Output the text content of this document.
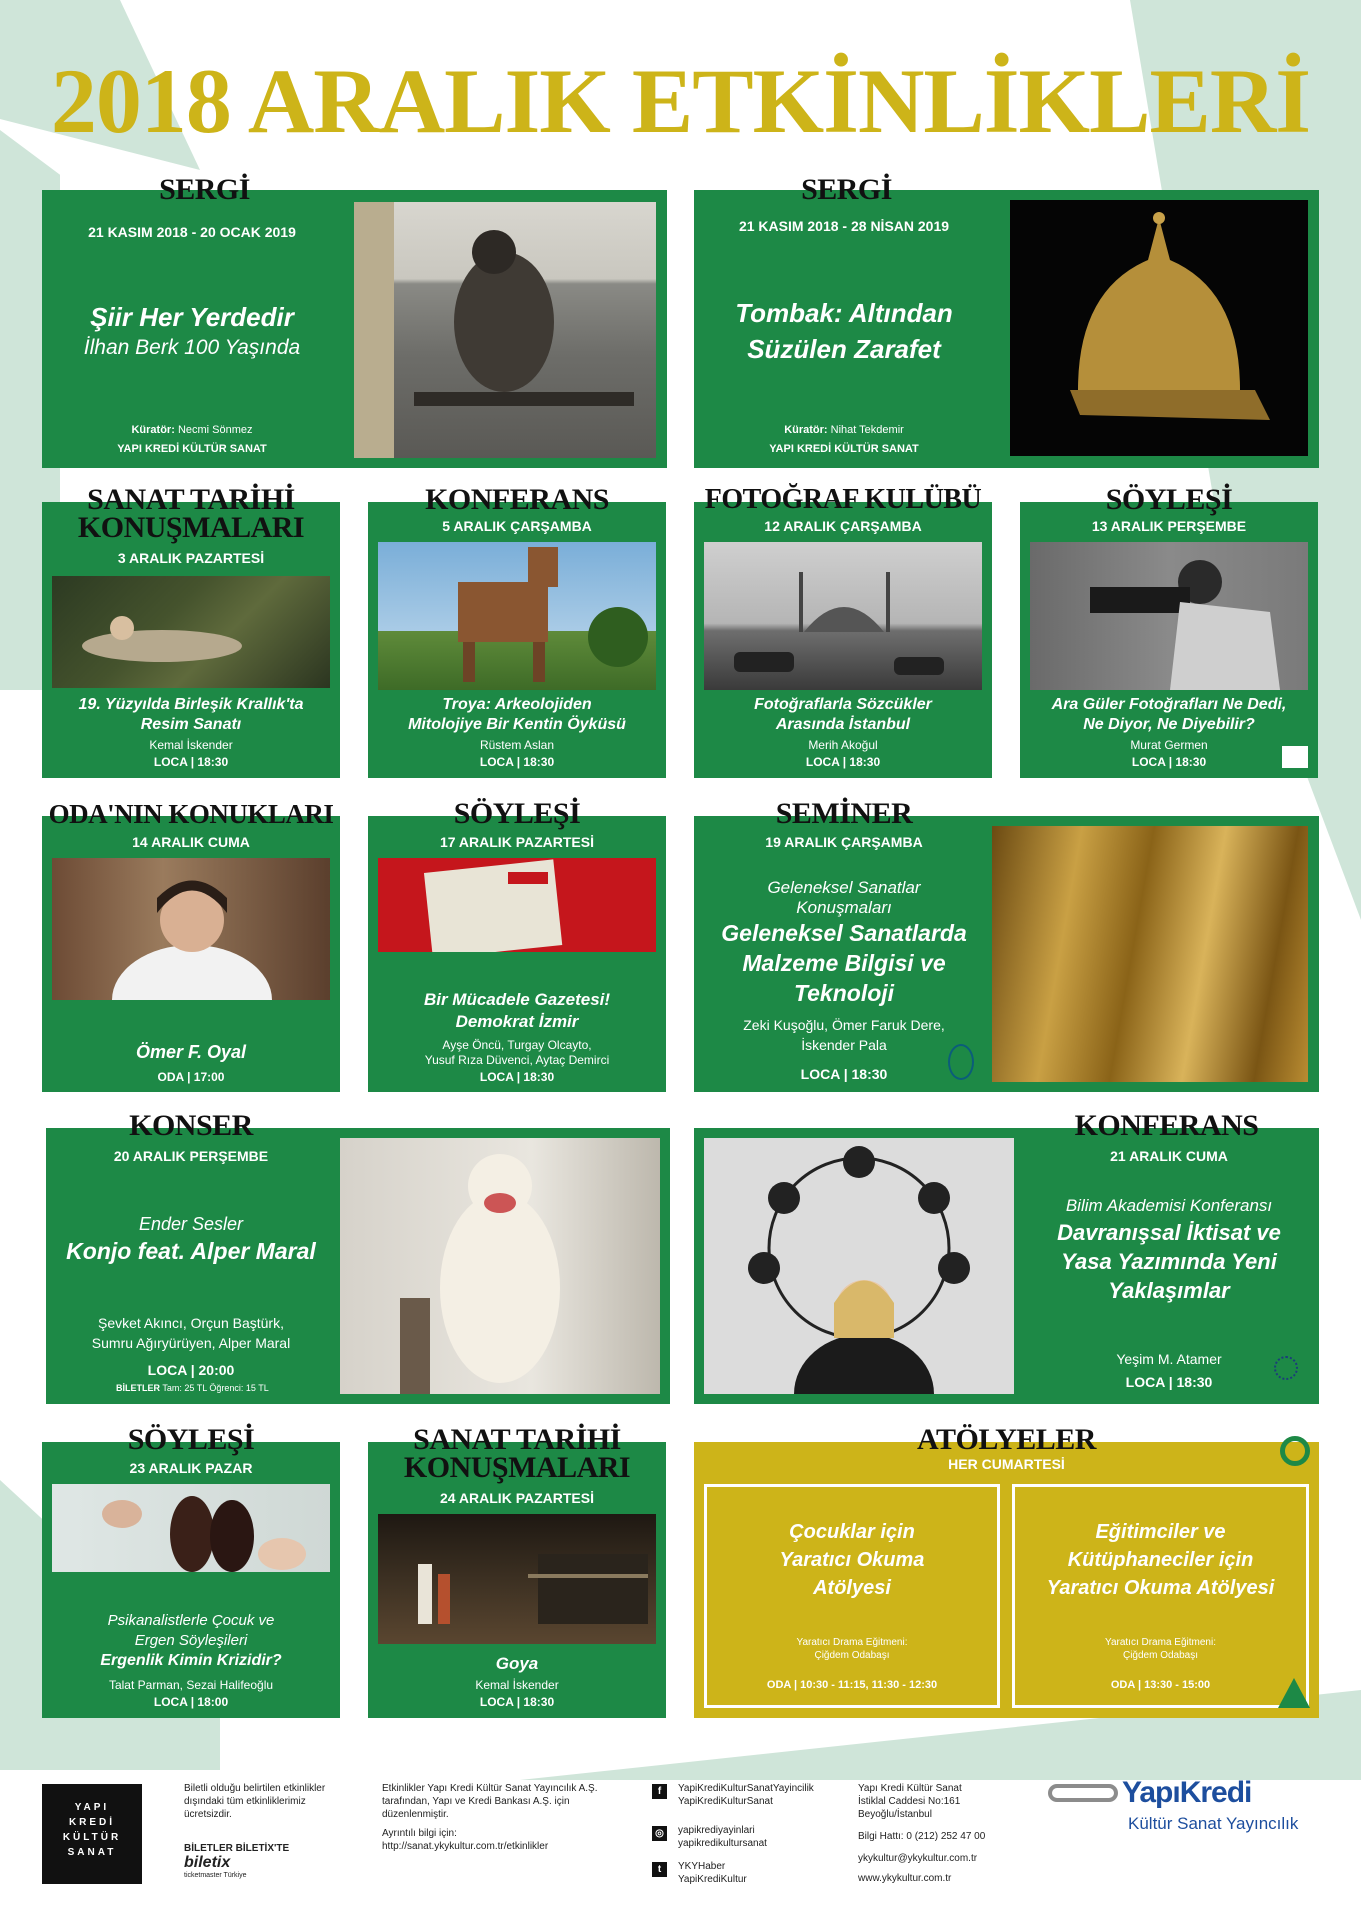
2018 ARALIK ETKİNLİKLERİ
SERGİ
21 KASIM 2018 - 20 OCAK 2019
Şiir Her Yerdedir
İlhan Berk 100 Yaşında
Küratör: Necmi Sönmez
YAPI KREDİ KÜLTÜR SANAT
SERGİ
21 KASIM 2018 - 28 NİSAN 2019
Tombak: Altından
Süzülen Zarafet
Küratör: Nihat Tekdemir
YAPI KREDİ KÜLTÜR SANAT
SANAT TARİHİ
KONUŞMALARI
3 ARALIK PAZARTESİ
19. Yüzyılda Birleşik Krallık'ta
Resim Sanatı
Kemal İskender
LOCA | 18:30
KONFERANS
5 ARALIK ÇARŞAMBA
Troya: Arkeolojiden
Mitolojiye Bir Kentin Öyküsü
Rüstem Aslan
LOCA | 18:30
FOTOĞRAF KULÜBÜ
12 ARALIK ÇARŞAMBA
Fotoğraflarla Sözcükler
Arasında İstanbul
Merih Akoğul
LOCA | 18:30
SÖYLEŞİ
13 ARALIK PERŞEMBE
Ara Güler Fotoğrafları Ne Dedi,
Ne Diyor, Ne Diyebilir?
Murat Germen
LOCA | 18:30
ODA'NIN KONUKLARI
14 ARALIK CUMA
Ömer F. Oyal
ODA | 17:00
SÖYLEŞİ
17 ARALIK PAZARTESİ
Bir Mücadele Gazetesi!
Demokrat İzmir
Ayşe Öncü, Turgay Olcayto,
Yusuf Rıza Düvenci, Aytaç Demirci
LOCA | 18:30
SEMİNER
19 ARALIK ÇARŞAMBA
Geleneksel Sanatlar
Konuşmaları
Geleneksel Sanatlarda
Malzeme Bilgisi ve
Teknoloji
Zeki Kuşoğlu, Ömer Faruk Dere,
İskender Pala
LOCA | 18:30
KONSER
20 ARALIK PERŞEMBE
Ender Sesler
Konjo feat. Alper Maral
Şevket Akıncı, Orçun Baştürk,
Sumru Ağıryürüyen, Alper Maral
LOCA | 20:00
BİLETLER Tam: 25 TL Öğrenci: 15 TL
KONFERANS
21 ARALIK CUMA
Bilim Akademisi Konferansı
Davranışsal İktisat ve
Yasa Yazımında Yeni
Yaklaşımlar
Yeşim M. Atamer
LOCA | 18:30
SÖYLEŞİ
23 ARALIK PAZAR
Psikanalistlerle Çocuk ve
Ergen Söyleşileri
Ergenlik Kimin Krizidir?
Talat Parman, Sezai Halifeoğlu
LOCA | 18:00
SANAT TARİHİ
KONUŞMALARI
24 ARALIK PAZARTESİ
Goya
Kemal İskender
LOCA | 18:30
ATÖLYELER
HER CUMARTESİ
Çocuklar için
Yaratıcı Okuma
Atölyesi
Yaratıcı Drama Eğitmeni:
Çiğdem Odabaşı
ODA | 10:30 - 11:15, 11:30 - 12:30
Eğitimciler ve
Kütüphaneciler için
Yaratıcı Okuma Atölyesi
Yaratıcı Drama Eğitmeni:
Çiğdem Odabaşı
ODA | 13:30 - 15:00
YAPI
KREDİ
KÜLTÜR
SANAT
Biletli olduğu belirtilen etkinlikler
dışındaki tüm etkinliklerimiz
ücretsizdir.
BİLETLER BİLETİX'TE
biletix
ticketmaster Türkiye
Etkinlikler Yapı Kredi Kültür Sanat Yayıncılık A.Ş.
tarafından, Yapı ve Kredi Bankası A.Ş. için
düzenlenmiştir.
Ayrıntılı bilgi için:
http://sanat.ykykultur.com.tr/etkinlikler
f	YapiKrediKulturSanatYayincilik
YapiKrediKulturSanat
◎	yapikrediyayinlari
yapikredikultursanat
t	YKYHaber
YapiKrediKultur
Yapı Kredi Kültür Sanat
İstiklal Caddesi No:161
Beyoğlu/İstanbul
Bilgi Hattı: 0 (212) 252 47 00
ykykultur@ykykultur.com.tr
www.ykykultur.com.tr
YapıKredi
Kültür Sanat Yayıncılık
